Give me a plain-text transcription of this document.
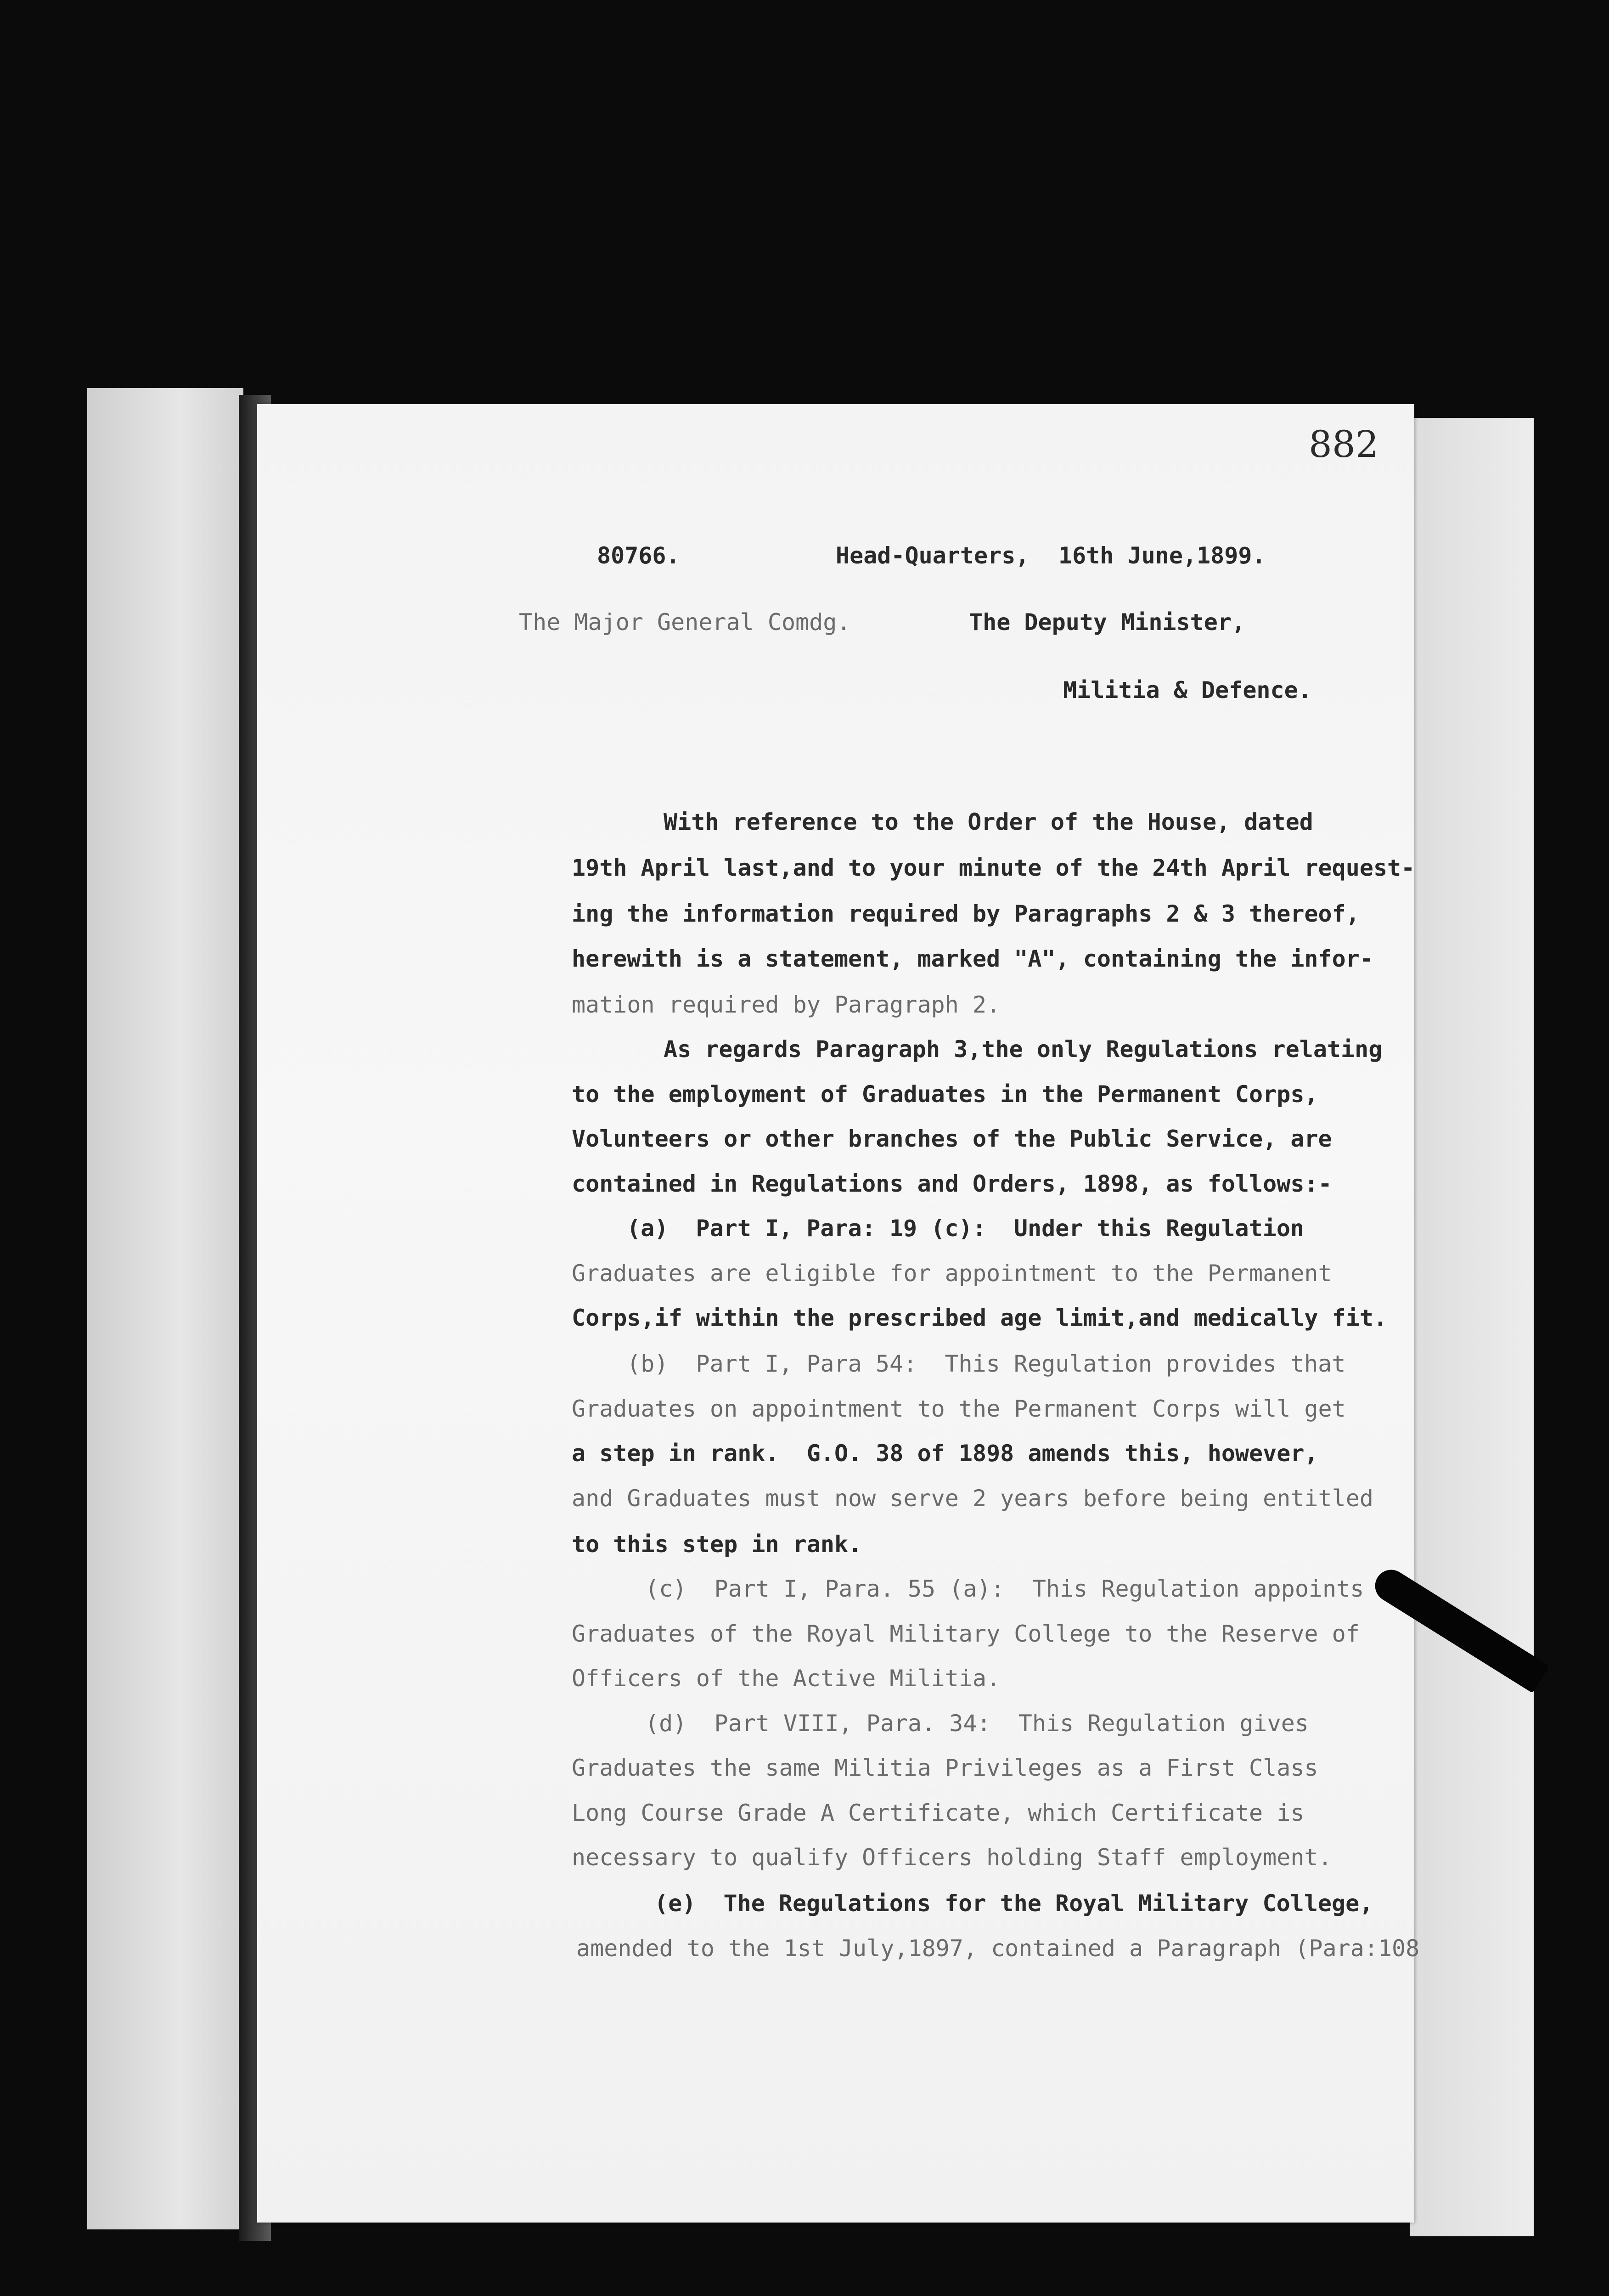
882
80766.	Head-Quarters, 16th June,1899.
The Major General Comdg.	The Deputy Minister,
Militia & Defence.
With reference to the Order of the House, dated
19th April last,and to your minute of the 24th April request-
ing the information required by Paragraphs 2 & 3 thereof,
herewith is a statement, marked "A", containing the infor-
mation required by Paragraph 2.
As regards Paragraph 3,the only Regulations relating
to the employment of Graduates in the Permanent Corps,
Volunteers or other branches of the Public Service, are
contained in Regulations and Orders, 1898, as follows:-
(a)  Part I, Para: 19 (c):  Under this Regulation
Graduates are eligible for appointment to the Permanent
Corps,if within the prescribed age limit,and medically fit.
(b)  Part I, Para 54:  This Regulation provides that
Graduates on appointment to the Permanent Corps will get
a step in rank.  G.O. 38 of 1898 amends this, however,
and Graduates must now serve 2 years before being entitled
to this step in rank.
(c)  Part I, Para. 55 (a):  This Regulation appoints
Graduates of the Royal Military College to the Reserve of
Officers of the Active Militia.
(d)  Part VIII, Para. 34:  This Regulation gives
Graduates the same Militia Privileges as a First Class
Long Course Grade A Certificate, which Certificate is
necessary to qualify Officers holding Staff employment.
(e)  The Regulations for the Royal Military College,
amended to the 1st July,1897, contained a Paragraph (Para:108
